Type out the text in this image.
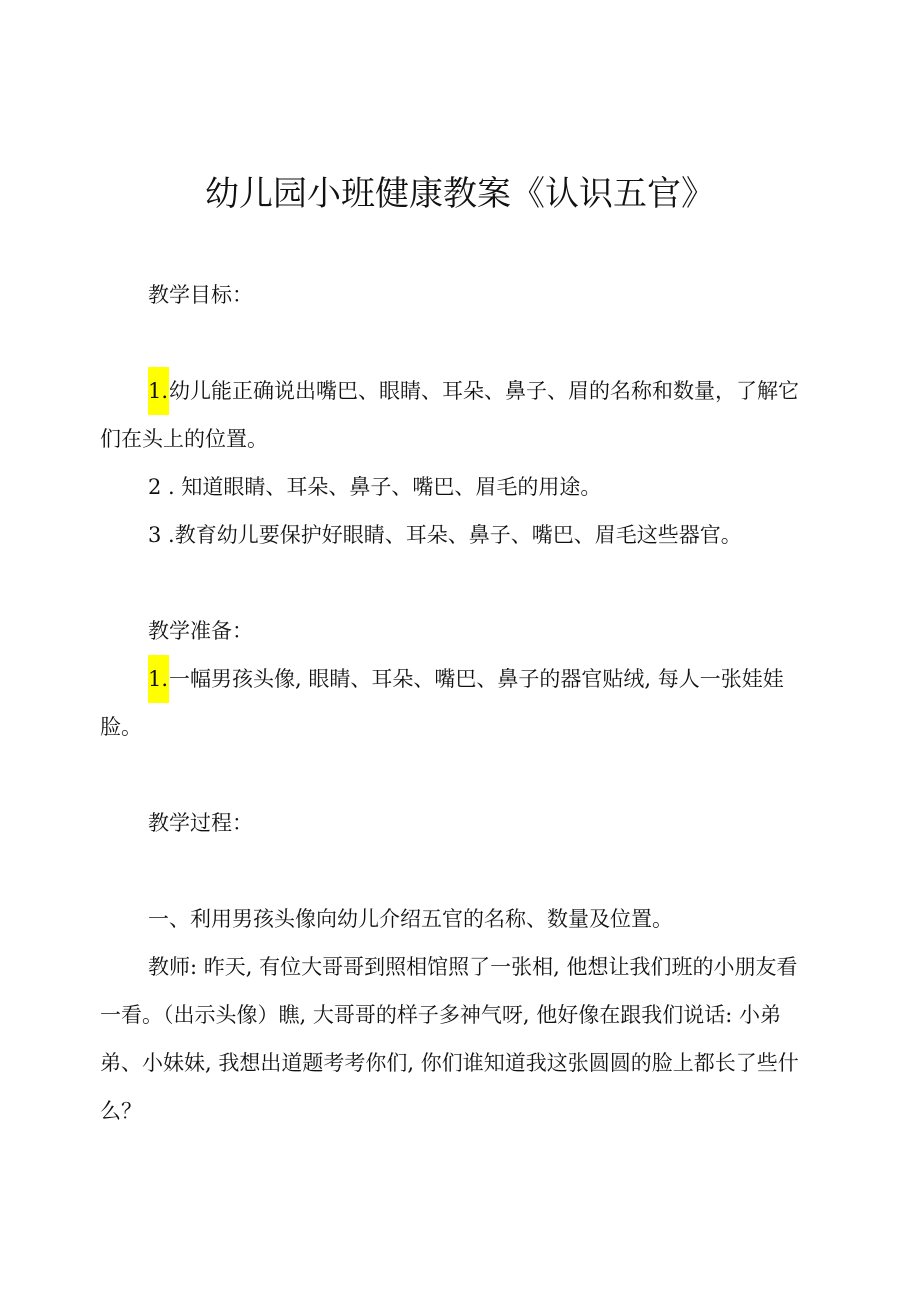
幼儿园小班健康教案《认识五官》

教学目标：

1.幼儿能正确说出嘴巴、眼睛、耳朵、鼻子、眉的名称和数量，了解它

们在头上的位置。

2 . 知道眼睛、耳朵、鼻子、嘴巴、眉毛的用途。

3 .教育幼儿要保护好眼睛、耳朵、鼻子、嘴巴、眉毛这些器官。

教学准备：

1.一幅男孩头像, 眼睛、耳朵、嘴巴、鼻子的器官贴绒, 每人一张娃娃

脸。

教学过程：

一、利用男孩头像向幼儿介绍五官的名称、数量及位置。

教师: 昨天, 有位大哥哥到照相馆照了一张相, 他想让我们班的小朋友看

一看。（出示头像）瞧, 大哥哥的样子多神气呀, 他好像在跟我们说话: 小弟

弟、小妹妹, 我想出道题考考你们, 你们谁知道我这张圆圆的脸上都长了些什

么？
